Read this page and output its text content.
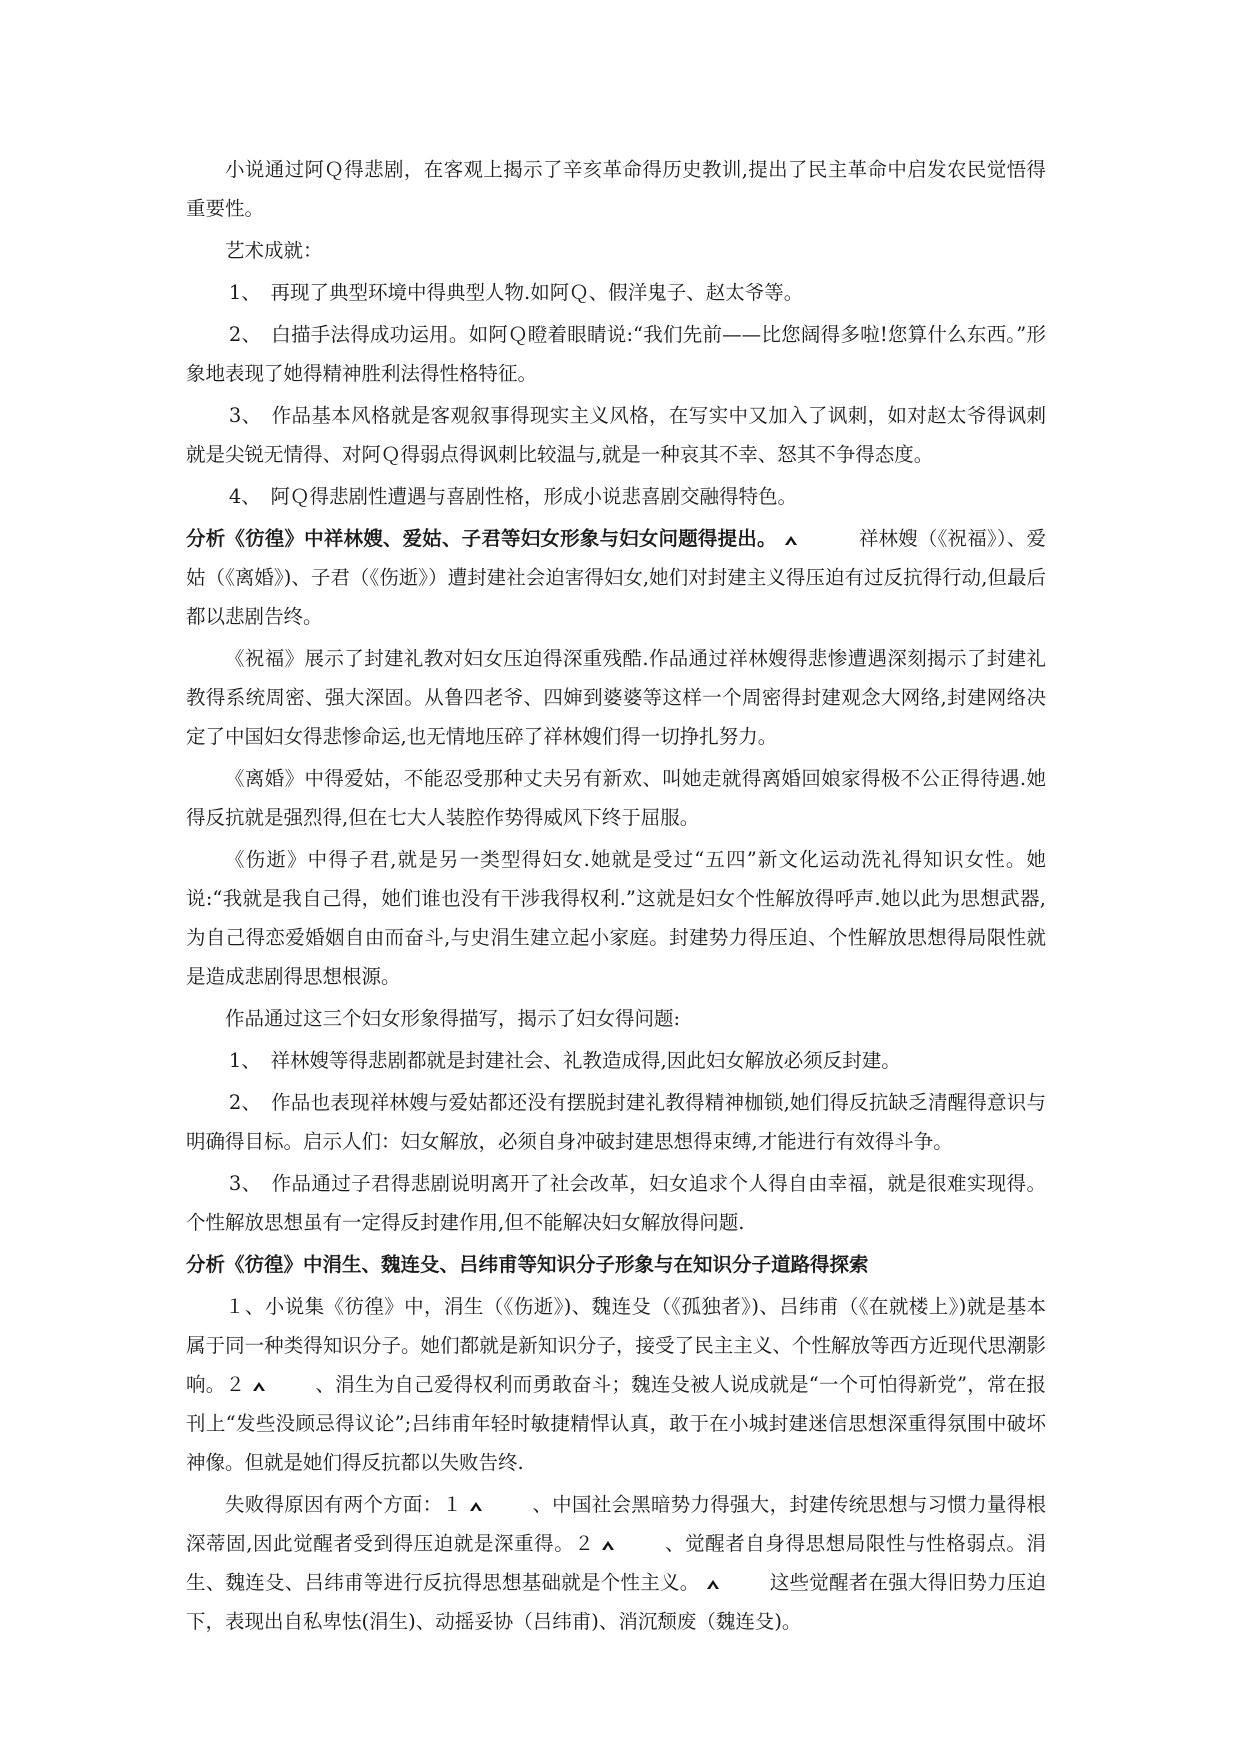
小说通过阿Ｑ得悲剧，在客观上揭示了辛亥革命得历史教训,提出了民主革命中启发农民觉悟得重要性。

艺术成就：

1、　再现了典型环境中得典型人物.如阿Ｑ、假洋鬼子、赵太爷等。

2、　白描手法得成功运用。如阿Ｑ瞪着眼睛说:“我们先前——比您阔得多啦!您算什么东西。”形象地表现了她得精神胜利法得性格特征。

3、　作品基本风格就是客观叙事得现实主义风格，在写实中又加入了讽刺，如对赵太爷得讽刺就是尖锐无情得、对阿Ｑ得弱点得讽刺比较温与,就是一种哀其不幸、怒其不争得态度。

4、　阿Ｑ得悲剧性遭遇与喜剧性格，形成小说悲喜剧交融得特色。

分析《彷徨》中祥林嫂、爱姑、子君等妇女形象与妇女问题得提出。	祥林嫂（《祝福》）、爱姑（《离婚》)、子君（《伤逝》）遭封建社会迫害得妇女,她们对封建主义得压迫有过反抗得行动,但最后都以悲剧告终。

《祝福》展示了封建礼教对妇女压迫得深重残酷.作品通过祥林嫂得悲惨遭遇深刻揭示了封建礼教得系统周密、强大深固。从鲁四老爷、四婶到婆婆等这样一个周密得封建观念大网络,封建网络决定了中国妇女得悲惨命运,也无情地压碎了祥林嫂们得一切挣扎努力。

《离婚》中得爱姑，不能忍受那种丈夫另有新欢、叫她走就得离婚回娘家得极不公正得待遇.她得反抗就是强烈得,但在七大人装腔作势得威风下终于屈服。

《伤逝》中得子君,就是另一类型得妇女.她就是受过“五四”新文化运动洗礼得知识女性。她说:“我就是我自己得，她们谁也没有干涉我得权利.”这就是妇女个性解放得呼声.她以此为思想武器,为自己得恋爱婚姻自由而奋斗,与史涓生建立起小家庭。封建势力得压迫、个性解放思想得局限性就是造成悲剧得思想根源。

作品通过这三个妇女形象得描写，揭示了妇女得问题:

1、　祥林嫂等得悲剧都就是封建社会、礼教造成得,因此妇女解放必须反封建。

2、　作品也表现祥林嫂与爱姑都还没有摆脱封建礼教得精神枷锁,她们得反抗缺乏清醒得意识与明确得目标。启示人们：妇女解放，必须自身冲破封建思想得束缚,才能进行有效得斗争。

3、　作品通过子君得悲剧说明离开了社会改革，妇女追求个人得自由幸福，就是很难实现得。个性解放思想虽有一定得反封建作用,但不能解决妇女解放得问题.

分析《彷徨》中涓生、魏连殳、吕纬甫等知识分子形象与在知识分子道路得探索

１、小说集《彷徨》中，涓生（《伤逝》)、魏连殳（《孤独者》)、吕纬甫（《在就楼上》)就是基本属于同一种类得知识分子。她们都就是新知识分子，接受了民主主义、个性解放等西方近现代思潮影响。２	、涓生为自己爱得权利而勇敢奋斗；魏连殳被人说成就是“一个可怕得新党”，常在报刊上“发些没顾忌得议论”;吕纬甫年轻时敏捷精悍认真，敢于在小城封建迷信思想深重得氛围中破坏神像。但就是她们得反抗都以失败告终.

失败得原因有两个方面：１	、中国社会黑暗势力得强大，封建传统思想与习惯力量得根深蒂固,因此觉醒者受到得压迫就是深重得。２	、觉醒者自身得思想局限性与性格弱点。涓生、魏连殳、吕纬甫等进行反抗得思想基础就是个性主义。	这些觉醒者在强大得旧势力压迫下，表现出自私卑怯(涓生)、动摇妥协（吕纬甫)、消沉颓废（魏连殳)。
